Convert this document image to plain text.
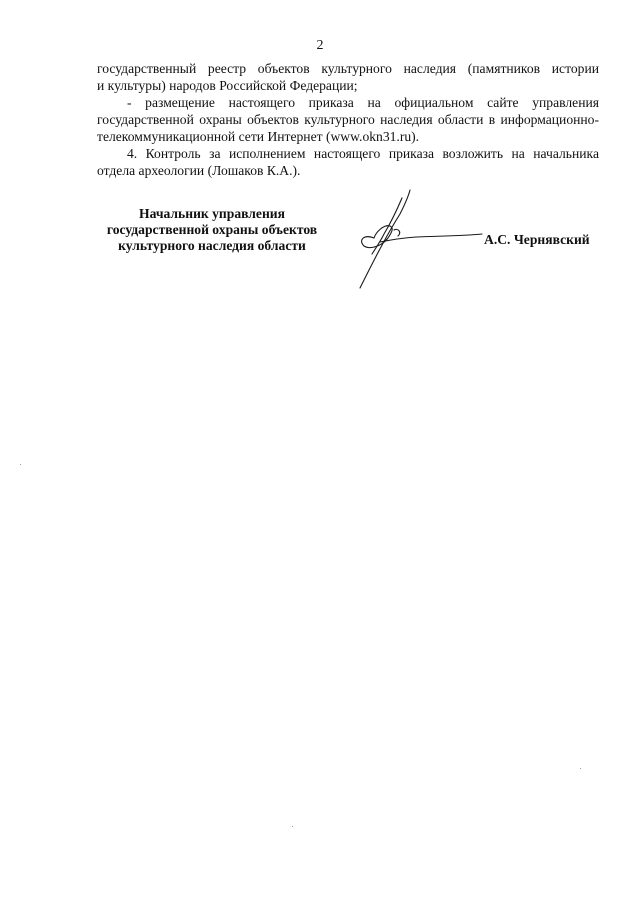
2
государственный реестр объектов культурного наследия (памятников истории
и культуры) народов Российской Федерации;
- размещение настоящего приказа на официальном сайте управления
государственной охраны объектов культурного наследия области в информационно-
телекоммуникационной сети Интернет (www.okn31.ru).
4. Контроль за исполнением настоящего приказа возложить на начальника
отдела археологии (Лошаков К.А.).
Начальник управления
государственной охраны объектов
культурного наследия области	А.С. Чернявский
